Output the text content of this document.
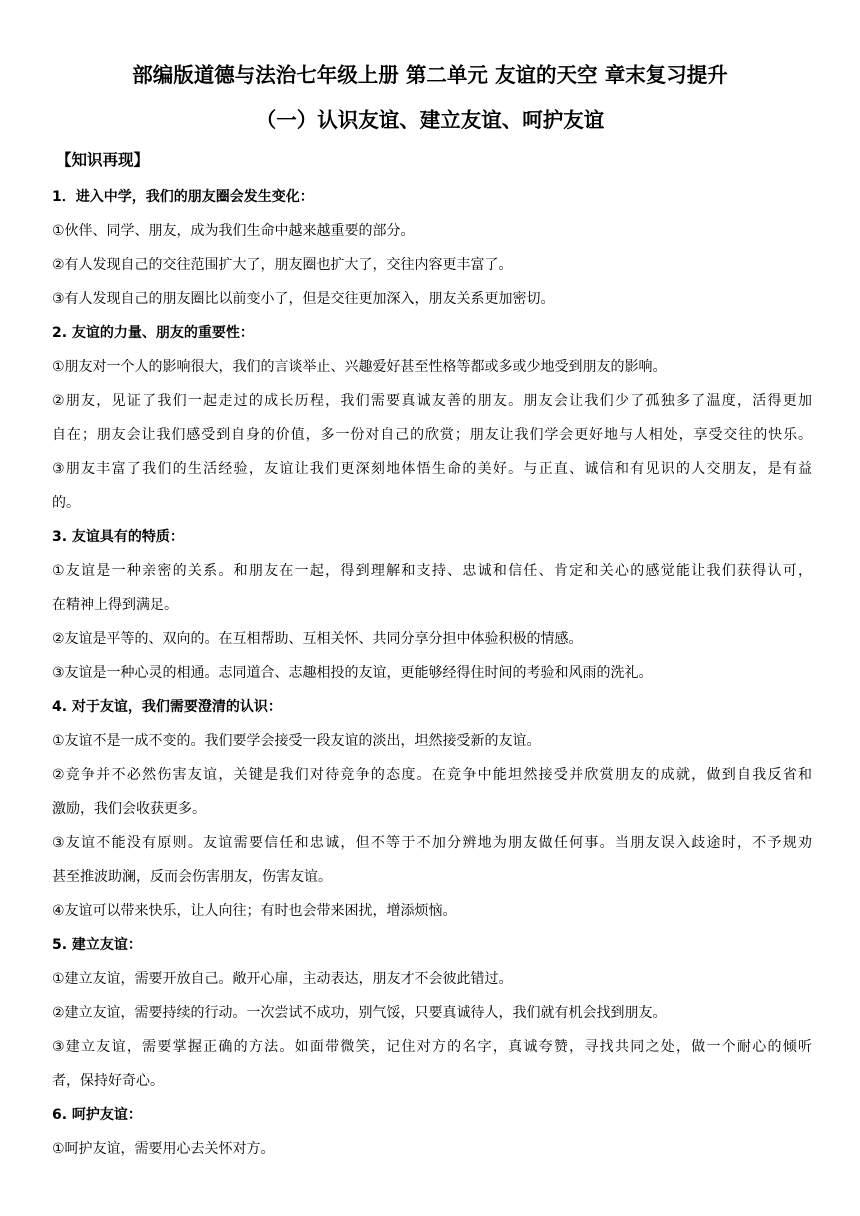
部编版道德与法治七年级上册 第二单元 友谊的天空 章末复习提升
（一）认识友谊、建立友谊、呵护友谊
【知识再现】
1．进入中学，我们的朋友圈会发生变化：
①伙伴、同学、朋友，成为我们生命中越来越重要的部分。
②有人发现自己的交往范围扩大了，朋友圈也扩大了，交往内容更丰富了。
③有人发现自己的朋友圈比以前变小了，但是交往更加深入，朋友关系更加密切。
2. 友谊的力量、朋友的重要性：
①朋友对一个人的影响很大，我们的言谈举止、兴趣爱好甚至性格等都或多或少地受到朋友的影响。
②朋友，见证了我们一起走过的成长历程，我们需要真诚友善的朋友。朋友会让我们少了孤独多了温度，活得更加
自在；朋友会让我们感受到自身的价值，多一份对自己的欣赏；朋友让我们学会更好地与人相处，享受交往的快乐。
③朋友丰富了我们的生活经验，友谊让我们更深刻地体悟生命的美好。与正直、诚信和有见识的人交朋友，是有益
的。
3. 友谊具有的特质：
①友谊是一种亲密的关系。和朋友在一起，得到理解和支持、忠诚和信任、肯定和关心的感觉能让我们获得认可，
在精神上得到满足。
②友谊是平等的、双向的。在互相帮助、互相关怀、共同分享分担中体验积极的情感。
③友谊是一种心灵的相通。志同道合、志趣相投的友谊，更能够经得住时间的考验和风雨的洗礼。
4. 对于友谊，我们需要澄清的认识：
①友谊不是一成不变的。我们要学会接受一段友谊的淡出，坦然接受新的友谊。
②竞争并不必然伤害友谊，关键是我们对待竞争的态度。在竞争中能坦然接受并欣赏朋友的成就，做到自我反省和
激励，我们会收获更多。
③友谊不能没有原则。友谊需要信任和忠诚，但不等于不加分辨地为朋友做任何事。当朋友误入歧途时，不予规劝
甚至推波助澜，反而会伤害朋友，伤害友谊。
④友谊可以带来快乐，让人向往；有时也会带来困扰，增添烦恼。
5. 建立友谊：
①建立友谊，需要开放自己。敞开心扉，主动表达，朋友才不会彼此错过。
②建立友谊，需要持续的行动。一次尝试不成功，别气馁，只要真诚待人，我们就有机会找到朋友。
③建立友谊，需要掌握正确的方法。如面带微笑，记住对方的名字，真诚夸赞，寻找共同之处，做一个耐心的倾听
者，保持好奇心。
6. 呵护友谊：
①呵护友谊，需要用心去关怀对方。
